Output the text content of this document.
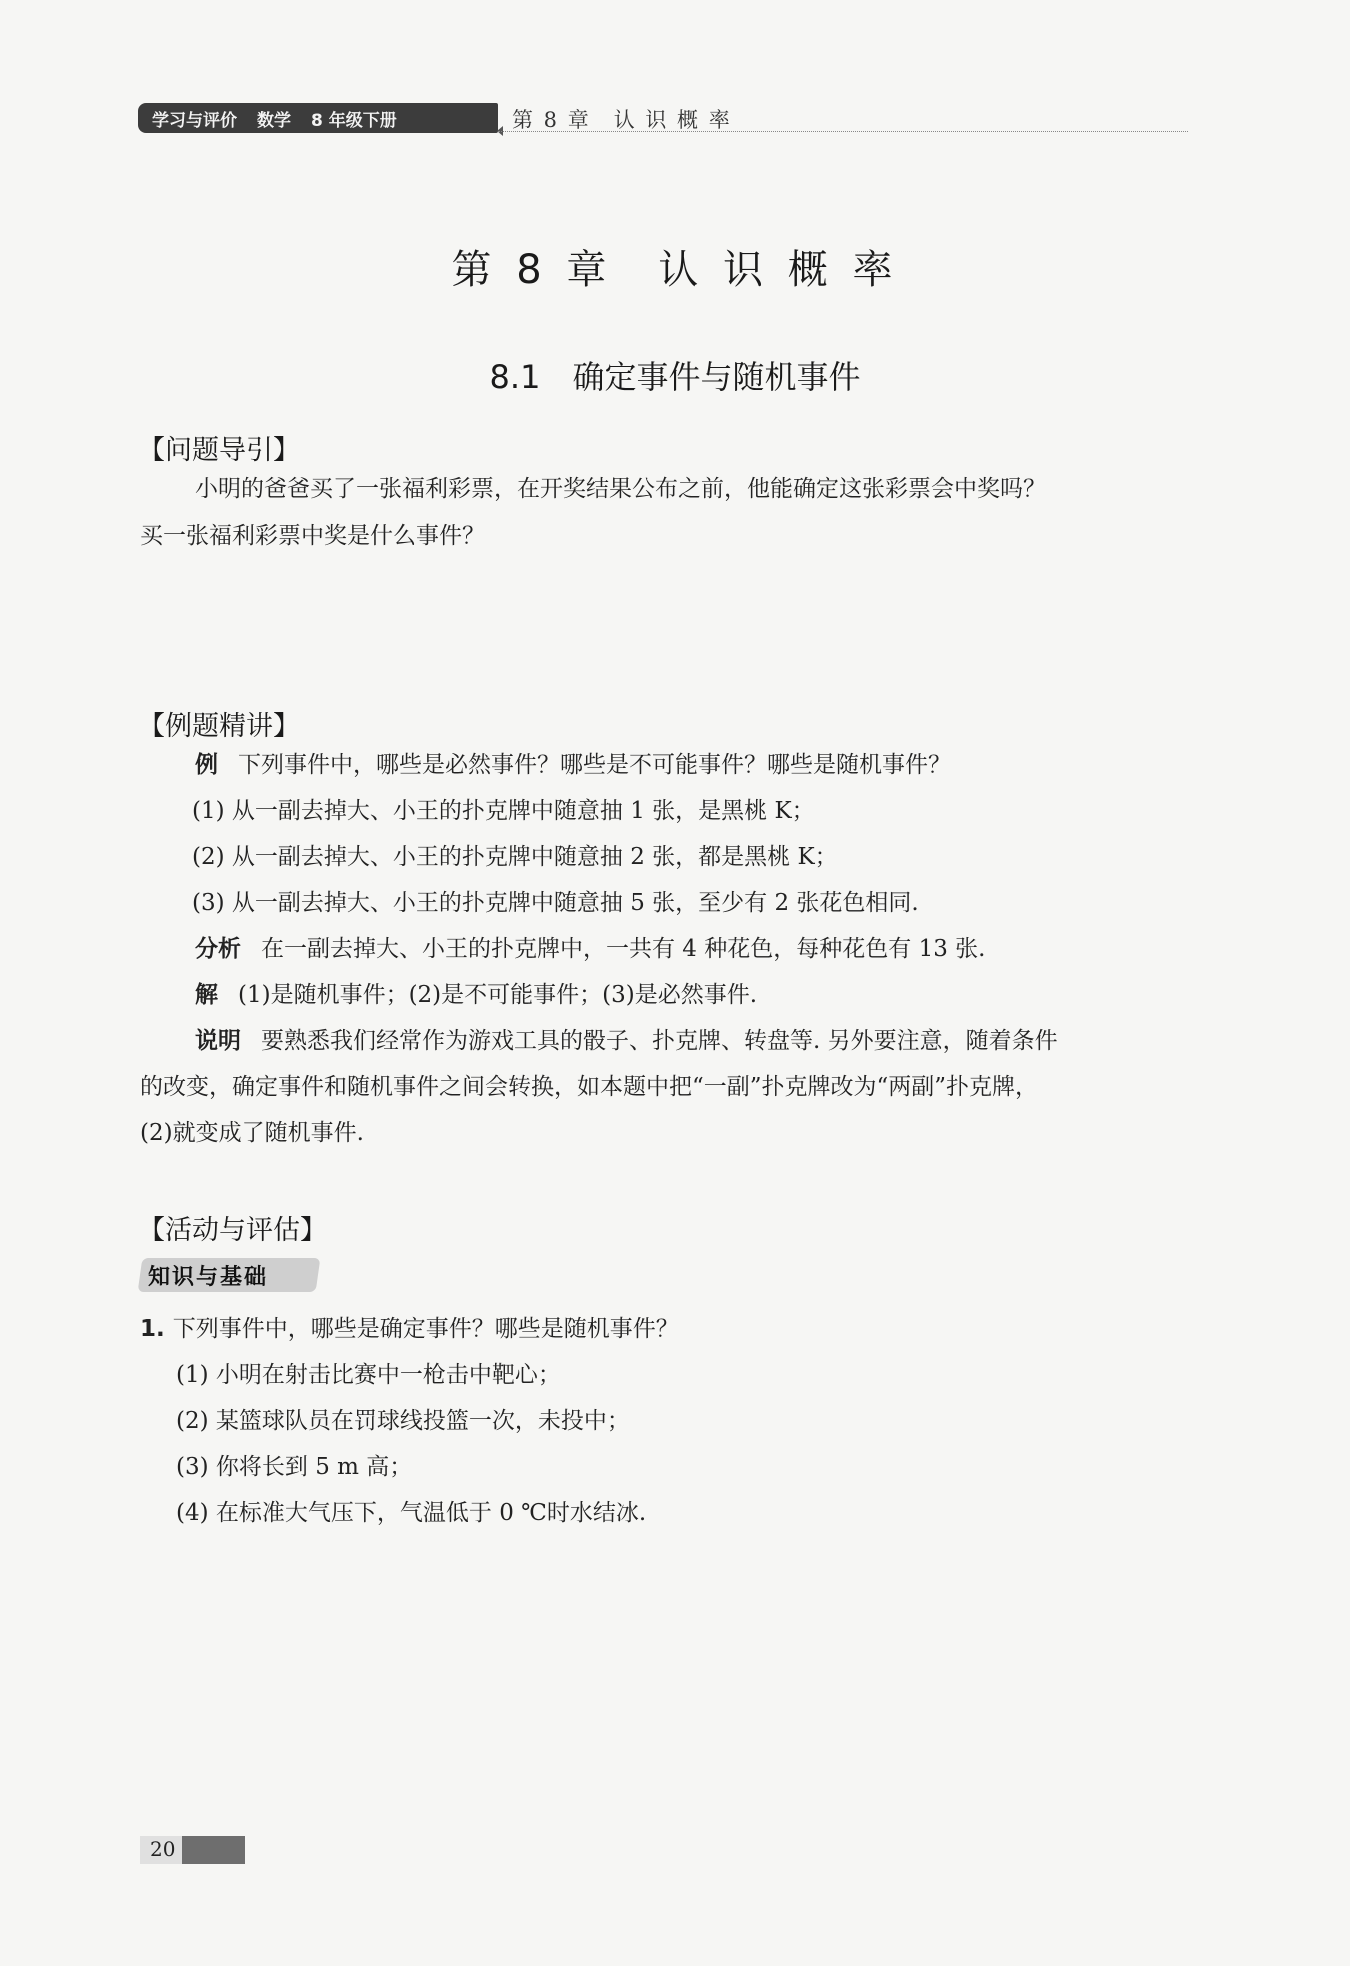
学习与评价 数学 8 年级下册	第 8 章　认 识 概 率
第 8 章　认 识 概 率
8.1　确定事件与随机事件
【问题导引】
小明的爸爸买了一张福利彩票，在开奖结果公布之前，他能确定这张彩票会中奖吗？
买一张福利彩票中奖是什么事件？
【例题精讲】
例 下列事件中，哪些是必然事件？哪些是不可能事件？哪些是随机事件？
(1) 从一副去掉大、小王的扑克牌中随意抽 1 张，是黑桃 K；
(2) 从一副去掉大、小王的扑克牌中随意抽 2 张，都是黑桃 K；
(3) 从一副去掉大、小王的扑克牌中随意抽 5 张，至少有 2 张花色相同.
分析 在一副去掉大、小王的扑克牌中，一共有 4 种花色，每种花色有 13 张.
解 (1)是随机事件；(2)是不可能事件；(3)是必然事件.
说明 要熟悉我们经常作为游戏工具的骰子、扑克牌、转盘等. 另外要注意，随着条件
的改变，确定事件和随机事件之间会转换，如本题中把“一副”扑克牌改为“两副”扑克牌，
(2)就变成了随机事件.
【活动与评估】
知识与基础
1. 下列事件中，哪些是确定事件？哪些是随机事件？
(1) 小明在射击比赛中一枪击中靶心；
(2) 某篮球队员在罚球线投篮一次，未投中；
(3) 你将长到 5 m 高；
(4) 在标准大气压下，气温低于 0 ℃时水结冰.
20
